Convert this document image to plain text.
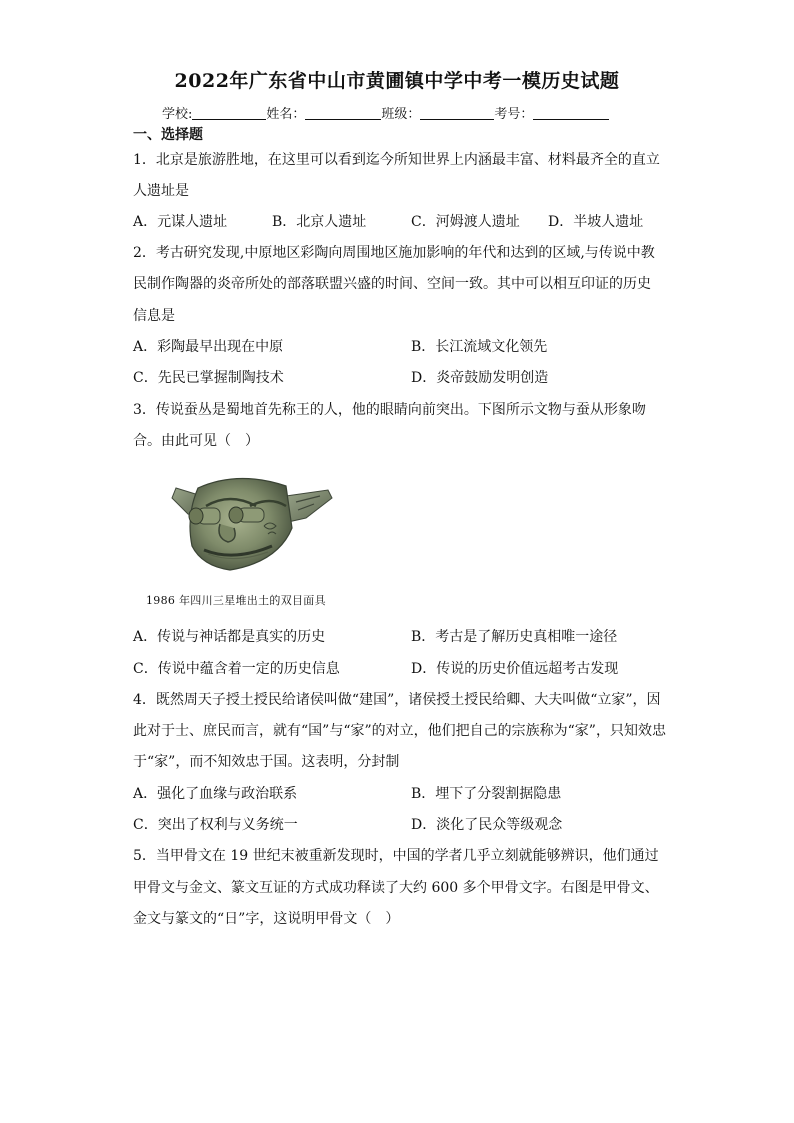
2022年广东省中山市黄圃镇中学中考一模历史试题
学校:	姓名：	班级：	考号：
一、选择题
1．北京是旅游胜地，在这里可以看到迄今所知世界上内涵最丰富、材料最齐全的直立
人遗址是
A．元谋人遗址	B．北京人遗址	C．河姆渡人遗址 D．半坡人遗址
2．考古研究发现,中原地区彩陶向周围地区施加影响的年代和达到的区域,与传说中教
民制作陶器的炎帝所处的部落联盟兴盛的时间、空间一致。其中可以相互印证的历史
信息是
A．彩陶最早出现在中原	B．长江流域文化领先
C．先民已掌握制陶技术	D．炎帝鼓励发明创造
3．传说蚕丛是蜀地首先称王的人，他的眼睛向前突出。下图所示文物与蚕从形象吻
合。由此可见（　）
1986 年四川三星堆出土的双目面具
A．传说与神话都是真实的历史	B．考古是了解历史真相唯一途径
C．传说中蕴含着一定的历史信息	D．传说的历史价值远超考古发现
4．既然周天子授土授民给诸侯叫做“建国”，诸侯授土授民给卿、大夫叫做“立家”，因
此对于士、庶民而言，就有“国”与“家”的对立，他们把自己的宗族称为“家”，只知效忠
于“家”，而不知效忠于国。这表明，分封制
A．强化了血缘与政治联系	B．埋下了分裂割据隐患
C．突出了权利与义务统一	D．淡化了民众等级观念
5．当甲骨文在 19 世纪末被重新发现时，中国的学者几乎立刻就能够辨识，他们通过
甲骨文与金文、篆文互证的方式成功释读了大约 600 多个甲骨文字。右图是甲骨文、
金文与篆文的“日”字，这说明甲骨文（　）
